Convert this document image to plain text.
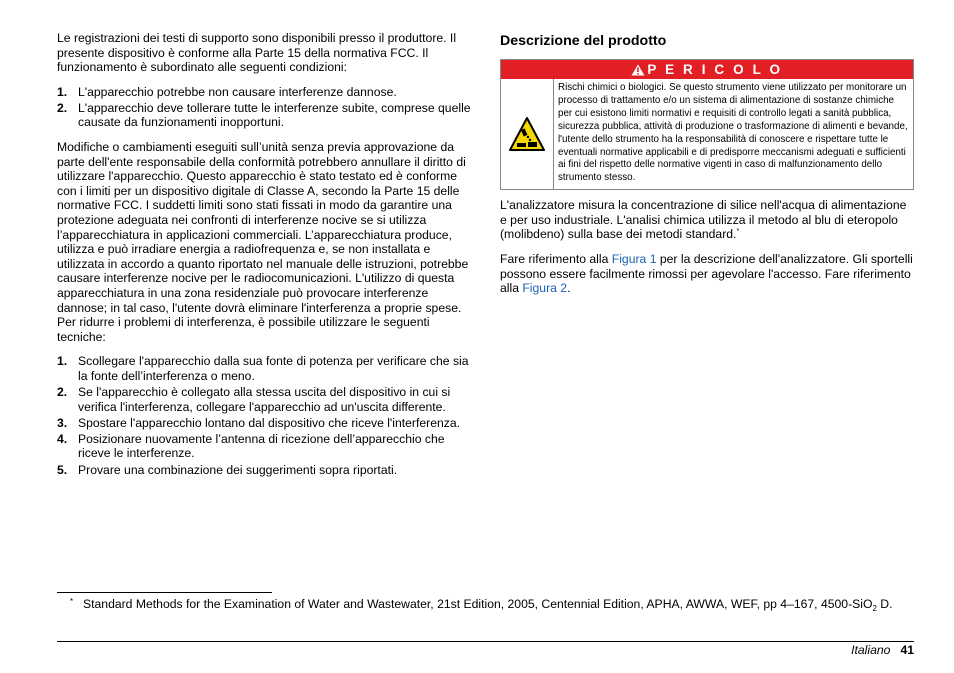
Le registrazioni dei testi di supporto sono disponibili presso il produttore. Il presente dispositivo è conforme alla Parte 15 della normativa FCC. Il funzionamento è subordinato alle seguenti condizioni:

1. L'apparecchio potrebbe non causare interferenze dannose.
2. L'apparecchio deve tollerare tutte le interferenze subite, comprese quelle causate da funzionamenti inopportuni.

Modifiche o cambiamenti eseguiti sull’unità senza previa approvazione da parte dell'ente responsabile della conformità potrebbero annullare il diritto di utilizzare l'apparecchio. Questo apparecchio è stato testato ed è conforme con i limiti per un dispositivo digitale di Classe A, secondo la Parte 15 delle normative FCC. I suddetti limiti sono stati fissati in modo da garantire una protezione adeguata nei confronti di interferenze nocive se si utilizza l’apparecchiatura in applicazioni commerciali. L’apparecchiatura produce, utilizza e può irradiare energia a radiofrequenza e, se non installata e utilizzata in accordo a quanto riportato nel manuale delle istruzioni, potrebbe causare interferenze nocive per le radiocomunicazioni. L'utilizzo di questa apparecchiatura in una zona residenziale può provocare interferenze dannose; in tal caso, l'utente dovrà eliminare l'interferenza a proprie spese. Per ridurre i problemi di interferenza, è possibile utilizzare le seguenti tecniche:

1. Scollegare l'apparecchio dalla sua fonte di potenza per verificare che sia la fonte dell’interferenza o meno.
2. Se l'apparecchio è collegato alla stessa uscita del dispositivo in cui si verifica l'interferenza, collegare l'apparecchio ad un'uscita differente.
3. Spostare l'apparecchio lontano dal dispositivo che riceve l'interferenza.
4. Posizionare nuovamente l’antenna di ricezione dell’apparecchio che riceve le interferenze.
5. Provare una combinazione dei suggerimenti sopra riportati.
Descrizione del prodotto
P E R I C O L O
Rischi chimici o biologici. Se questo strumento viene utilizzato per monitorare un processo di trattamento e/o un sistema di alimentazione di sostanze chimiche per cui esistono limiti normativi e requisiti di controllo legati a sanità pubblica, sicurezza pubblica, attività di produzione o trasformazione di alimenti e bevande, l'utente dello strumento ha la responsabilità di conoscere e rispettare tutte le eventuali normative applicabili e di predisporre meccanismi adeguati e sufficienti ai fini del rispetto delle normative vigenti in caso di malfunzionamento dello strumento stesso.

L'analizzatore misura la concentrazione di silice nell'acqua di alimentazione e per uso industriale. L'analisi chimica utilizza il metodo al blu di eteropolo (molibdeno) sulla base dei metodi standard.*

Fare riferimento alla Figura 1 per la descrizione dell'analizzatore. Gli sportelli possono essere facilmente rimossi per agevolare l'accesso. Fare riferimento alla Figura 2.

* Standard Methods for the Examination of Water and Wastewater, 21st Edition, 2005, Centennial Edition, APHA, AWWA, WEF, pp 4–167, 4500-SiO$_2$ D.
Italiano 41
